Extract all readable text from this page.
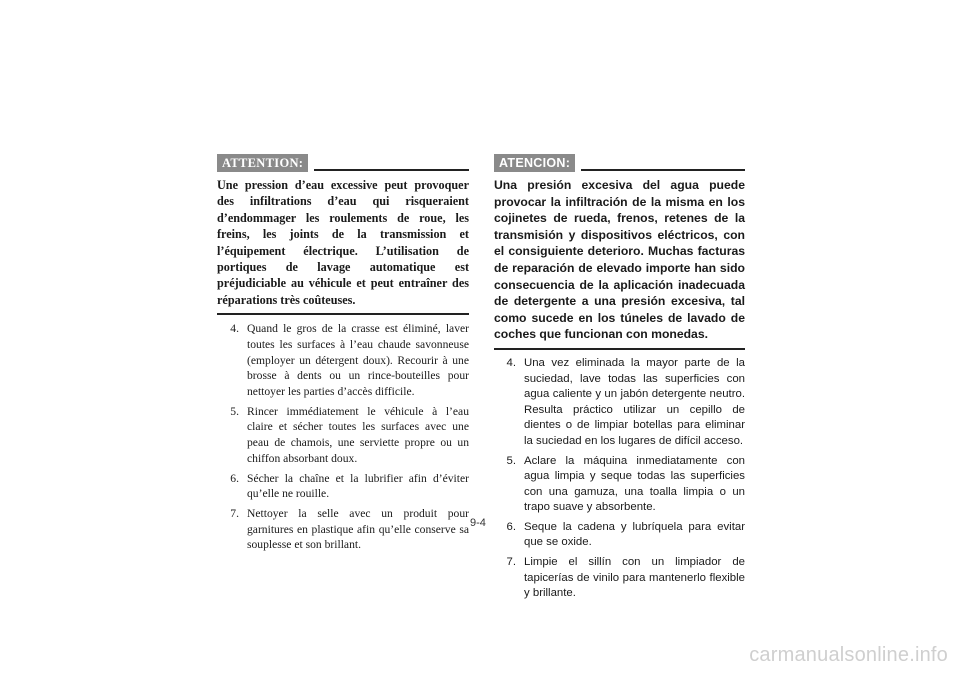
ATTENTION:

Une pression d’eau excessive peut provoquer des infiltrations d’eau qui risqueraient d’endommager les roulements de roue, les freins, les joints de la transmission et l’équipement électrique. L’utilisation de portiques de lavage automatique est préjudiciable au véhicule et peut entraîner des réparations très coûteuses.

4. Quand le gros de la crasse est éliminé, laver toutes les surfaces à l’eau chaude savonneuse (employer un détergent doux). Recourir à une brosse à dents ou un rince-bouteilles pour nettoyer les parties d’accès difficile.
5. Rincer immédiatement le véhicule à l’eau claire et sécher toutes les surfaces avec une peau de chamois, une serviette propre ou un chiffon absorbant doux.
6. Sécher la chaîne et la lubrifier afin d’éviter qu’elle ne rouille.
7. Nettoyer la selle avec un produit pour garnitures en plastique afin qu’elle conserve sa souplesse et son brillant.
ATENCION:

Una presión excesiva del agua puede provocar la infiltración de la misma en los cojinetes de rueda, frenos, retenes de la transmisión y dispositivos eléctricos, con el consiguiente deterioro. Muchas facturas de reparación de elevado importe han sido consecuencia de la aplicación inadecuada de detergente a una presión excesiva, tal como sucede en los túneles de lavado de coches que funcionan con monedas.

4. Una vez eliminada la mayor parte de la suciedad, lave todas las superficies con agua caliente y un jabón detergente neutro. Resulta práctico utilizar un cepillo de dientes o de limpiar botellas para eliminar la suciedad en los lugares de difícil acceso.
5. Aclare la máquina inmediatamente con agua limpia y seque todas las superficies con una gamuza, una toalla limpia o un trapo suave y absorbente.
6. Seque la cadena y lubríquela para evitar que se oxide.
7. Limpie el sillín con un limpiador de tapicerías de vinilo para mantenerlo flexible y brillante.
9-4
carmanualsonline.info
